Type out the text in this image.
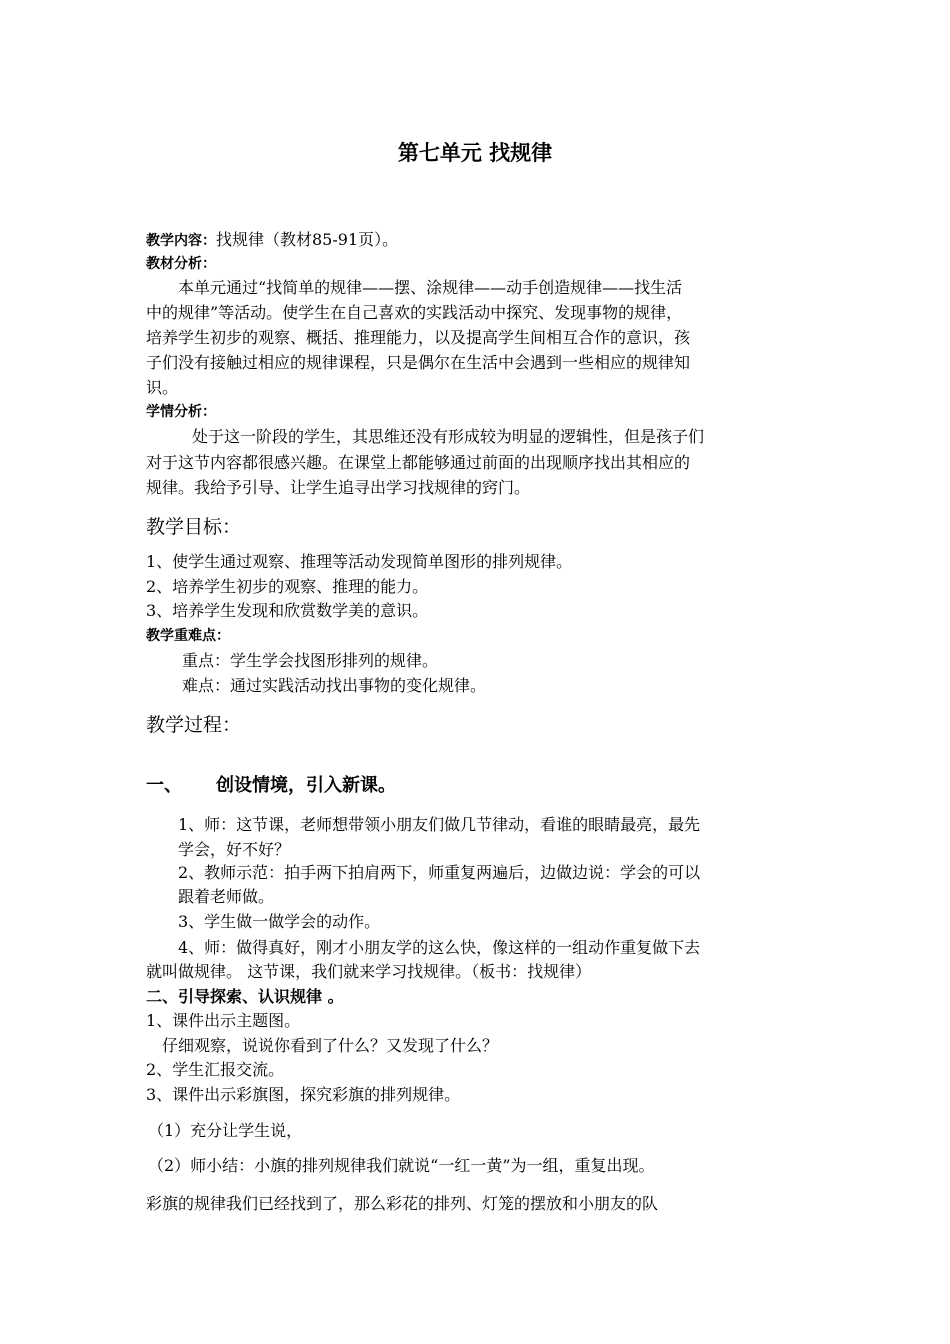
第七单元 找规律
教学内容：找规律（教材85-91页）。
教材分析：
本单元通过“找简单的规律——摆、涂规律——动手创造规律——找生活
中的规律”等活动。使学生在自己喜欢的实践活动中探究、发现事物的规律，
培养学生初步的观察、概括、推理能力，以及提高学生间相互合作的意识，孩
子们没有接触过相应的规律课程，只是偶尔在生活中会遇到一些相应的规律知
识。
学情分析：
处于这一阶段的学生，其思维还没有形成较为明显的逻辑性，但是孩子们
对于这节内容都很感兴趣。在课堂上都能够通过前面的出现顺序找出其相应的
规律。我给予引导、让学生追寻出学习找规律的窍门。
教学目标：
1、使学生通过观察、推理等活动发现简单图形的排列规律。
2、培养学生初步的观察、推理的能力。
3、培养学生发现和欣赏数学美的意识。
教学重难点：
重点：学生学会找图形排列的规律。
难点：通过实践活动找出事物的变化规律。
教学过程：
一、 创设情境，引入新课。
1、师：这节课，老师想带领小朋友们做几节律动，看谁的眼睛最亮，最先
学会，好不好？
2、教师示范：拍手两下拍肩两下，师重复两遍后，边做边说：学会的可以
跟着老师做。
3、学生做一做学会的动作。
4、师：做得真好，刚才小朋友学的这么快，像这样的一组动作重复做下去
就叫做规律。 这节课，我们就来学习找规律。（板书：找规律）
二、引导探索、认识规律 。
1、课件出示主题图。
仔细观察，说说你看到了什么？又发现了什么？
2、学生汇报交流。
3、课件出示彩旗图，探究彩旗的排列规律。
（1）充分让学生说，
（2）师小结：小旗的排列规律我们就说“一红一黄”为一组，重复出现。
彩旗的规律我们已经找到了，那么彩花的排列、灯笼的摆放和小朋友的队
